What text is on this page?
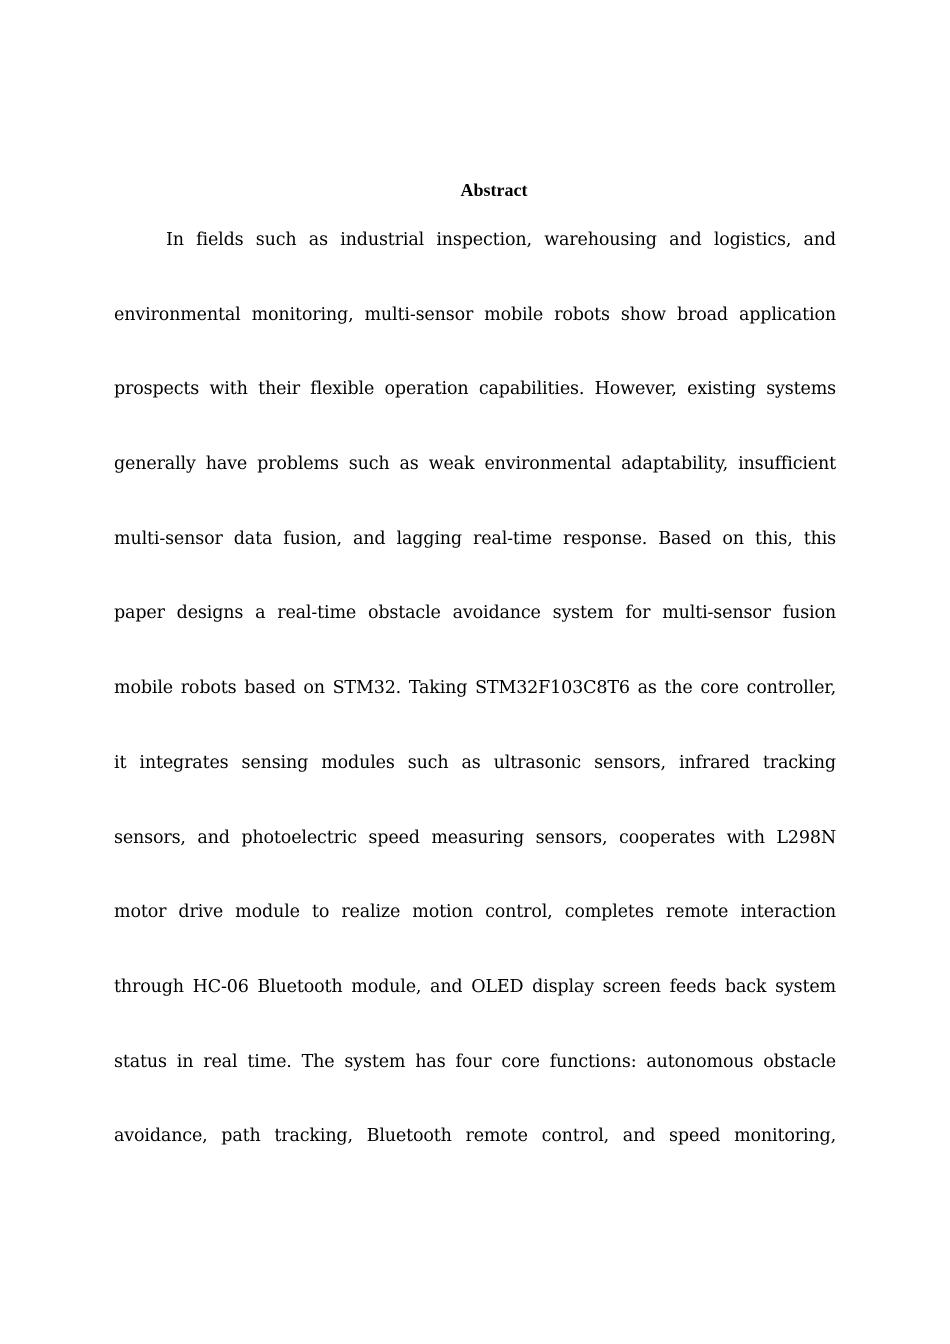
Abstract
In fields such as industrial inspection, warehousing and logistics, and
environmental monitoring, multi-sensor mobile robots show broad application
prospects with their flexible operation capabilities. However, existing systems
generally have problems such as weak environmental adaptability, insufficient
multi-sensor data fusion, and lagging real-time response. Based on this, this
paper designs a real-time obstacle avoidance system for multi-sensor fusion
mobile robots based on STM32. Taking STM32F103C8T6 as the core controller,
it integrates sensing modules such as ultrasonic sensors, infrared tracking
sensors, and photoelectric speed measuring sensors, cooperates with L298N
motor drive module to realize motion control, completes remote interaction
through HC-06 Bluetooth module, and OLED display screen feeds back system
status in real time. The system has four core functions: autonomous obstacle
avoidance, path tracking, Bluetooth remote control, and speed monitoring,
